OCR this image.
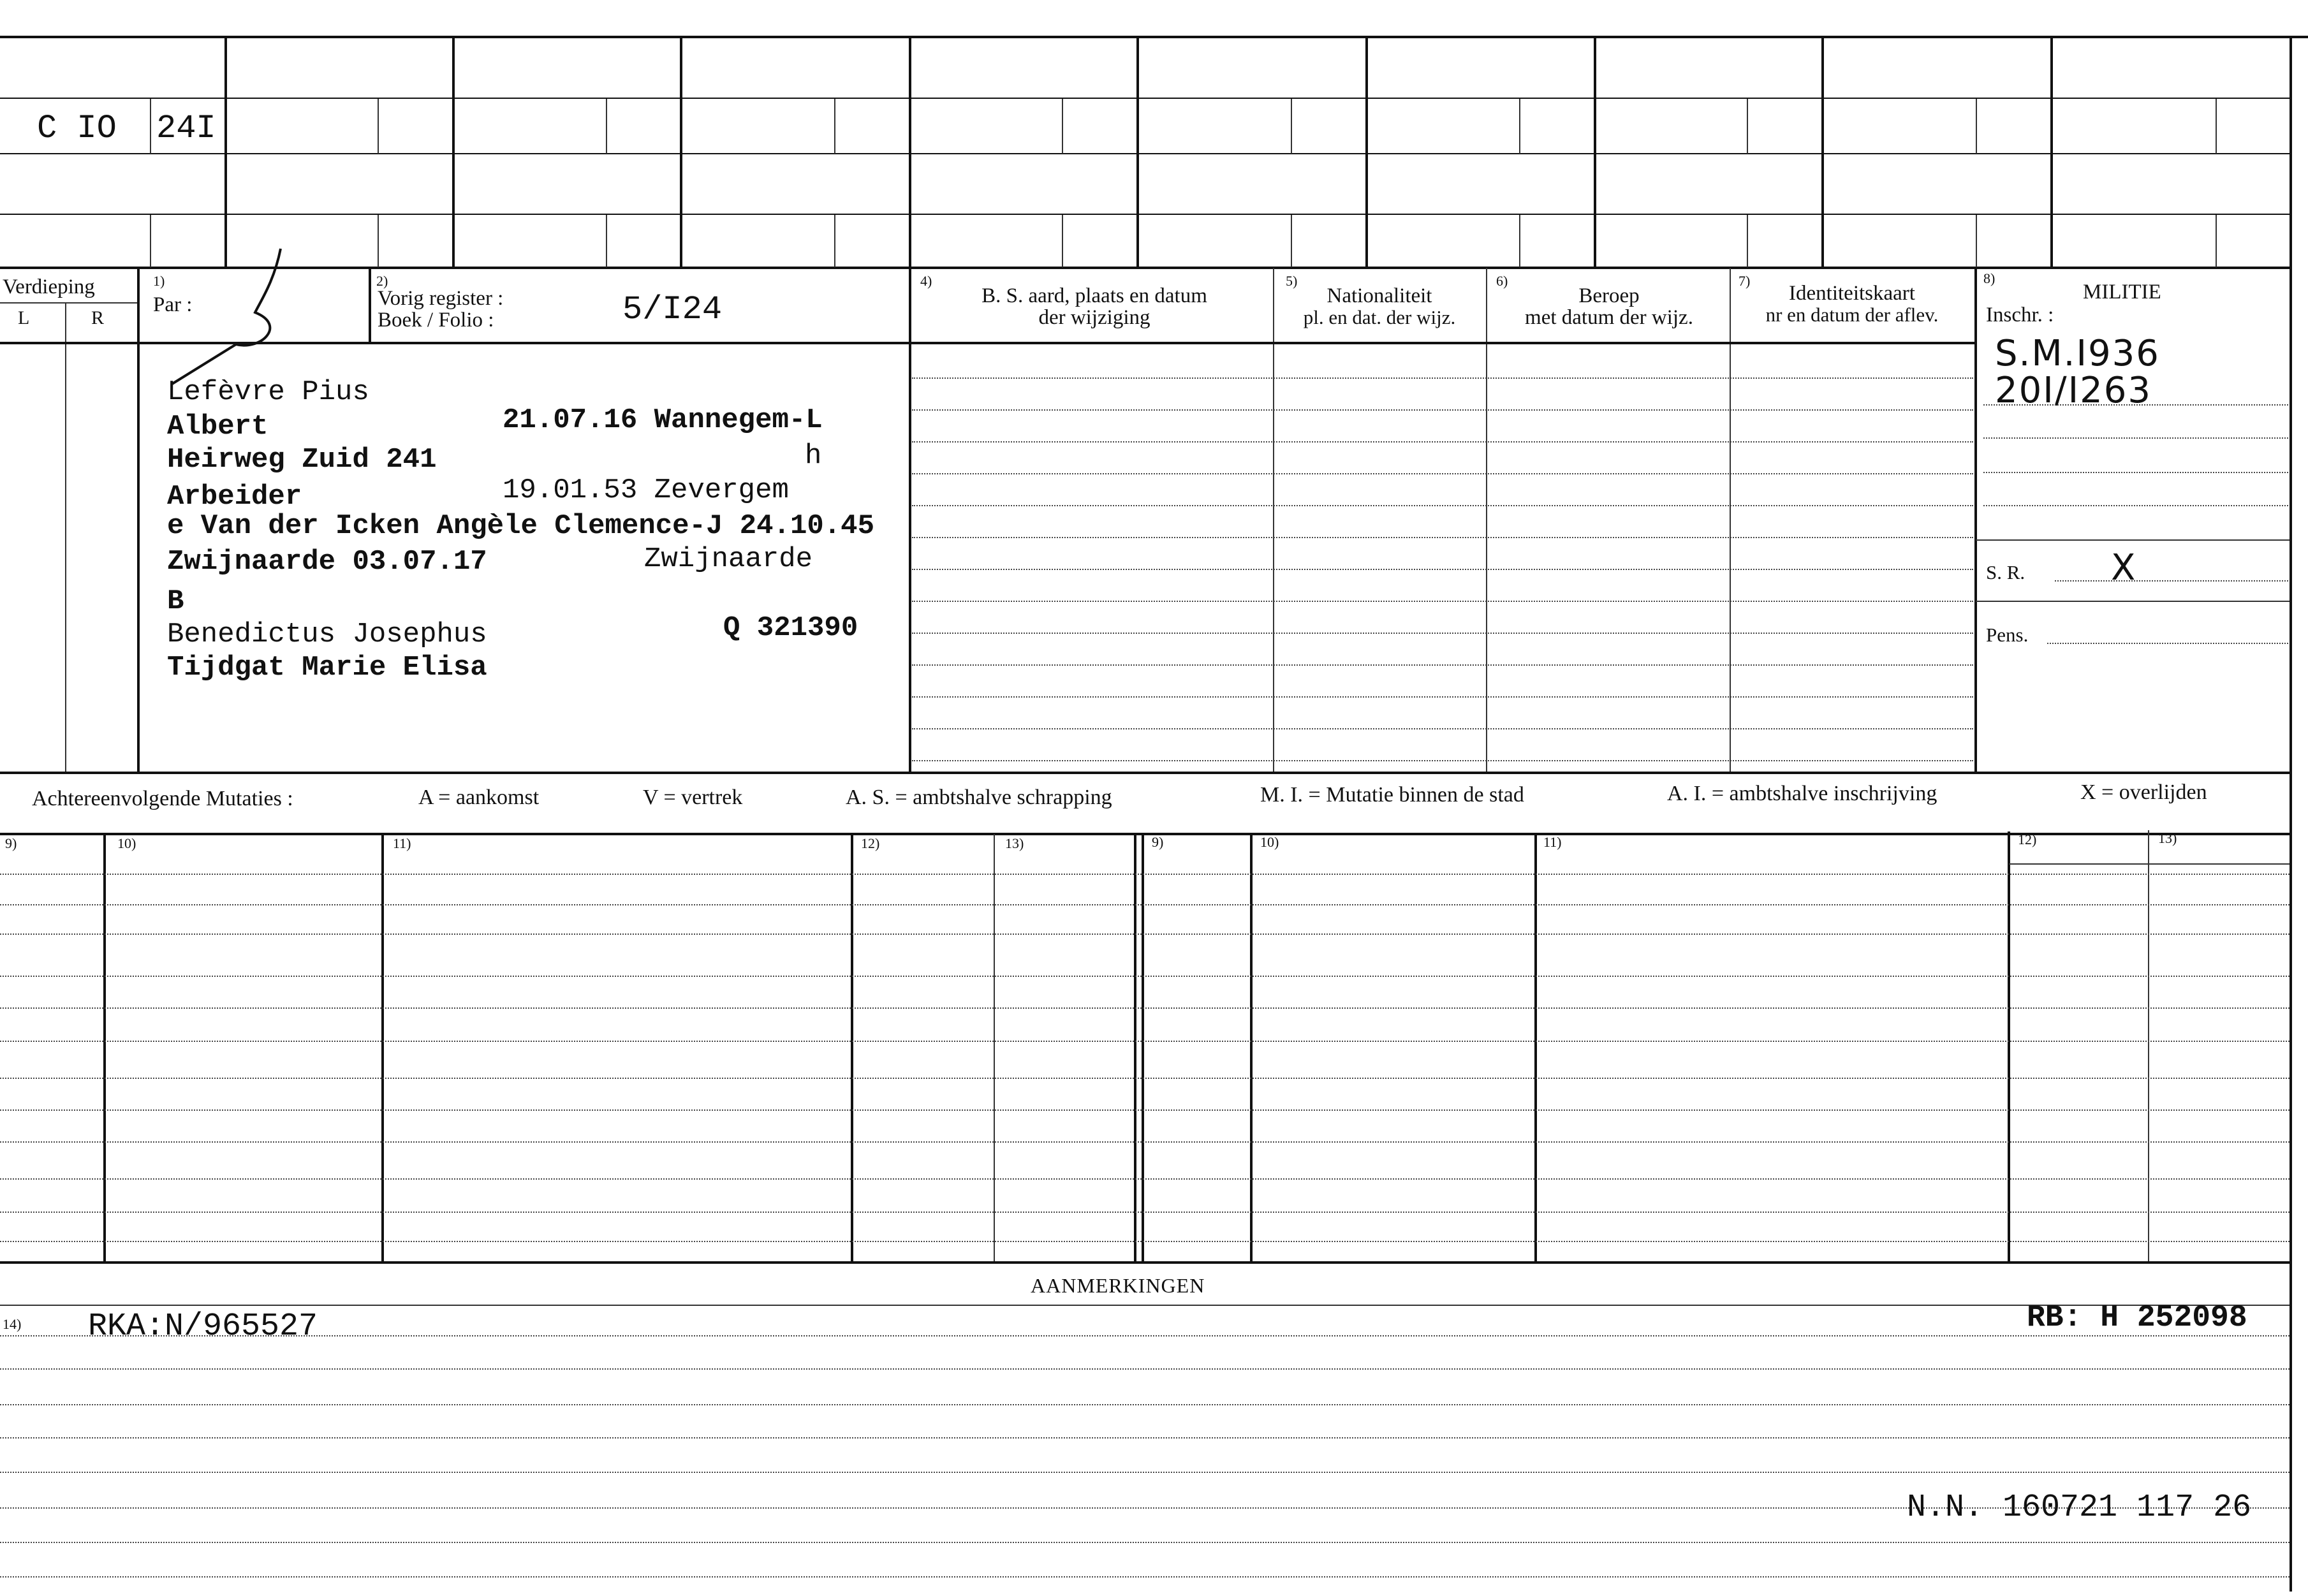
C IO 24I
Verdieping
L	R
1)
Par :
2)
Vorig register :
Boek / Folio :	5/I24
4)
B. S. aard, plaats en datum
der wijziging
5)
Nationaliteit
pl. en dat. der wijz.
6)
Beroep
met datum der wijz.
7)
Identiteitskaart
nr en datum der aflev.
8)
MILITIE
Inschr. :
Lefèvre Pius
Albert	21.07.16 Wannegem-L
Heirweg Zuid 241	h
Arbeider	19.01.53 Zevergem
e Van der Icken Angèle Clemence-J 24.10.45
Zwijnaarde 03.07.17	Zwijnaarde
B
Benedictus Josephus	Q 321390
Tijdgat Marie Elisa
S.M.I936
20I/I263
S. R. X
Pens.
Achtereenvolgende Mutaties :	A = aankomst	V = vertrek	A. S. = ambtshalve schrapping	M. I. = Mutatie binnen de stad	A. I. = ambtshalve inschrijving	X = overlijden
9)	10)	11)	12)	13)	9)	10)	11)	12)	13)
AANMERKINGEN
14) RKA:N/965527	RB: H 252098
N.N. 160721 117 26
